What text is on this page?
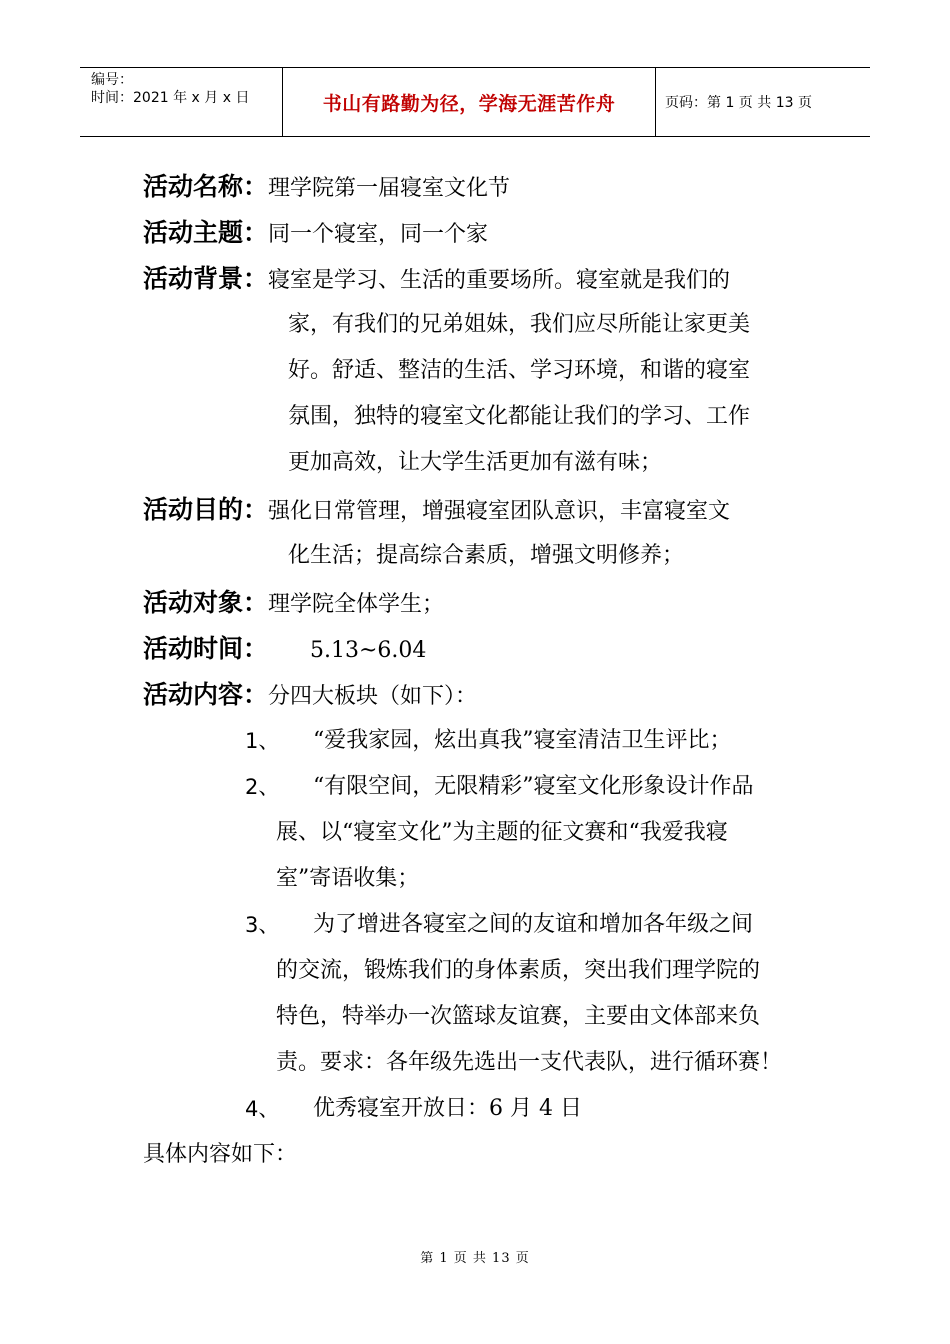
编号：
时间：2021 年 x 月 x 日	书山有路勤为径，学海无涯苦作舟	页码：第 1 页 共 13 页
活动名称：理学院第一届寝室文化节
活动主题：同一个寝室，同一个家
活动背景：寝室是学习、生活的重要场所。寝室就是我们的
家，有我们的兄弟姐妹，我们应尽所能让家更美
好。舒适、整洁的生活、学习环境，和谐的寝室
氛围，独特的寝室文化都能让我们的学习、工作
更加高效，让大学生活更加有滋有味；
活动目的：强化日常管理，增强寝室团队意识，丰富寝室文
化生活；提高综合素质，增强文明修养；
活动对象：理学院全体学生；
活动时间： 5.13~6.04
活动内容：分四大板块（如下）：
1、 “爱我家园，炫出真我”寝室清洁卫生评比；
2、 “有限空间，无限精彩”寝室文化形象设计作品
展、以“寝室文化”为主题的征文赛和“我爱我寝
室”寄语收集；
3、 为了增进各寝室之间的友谊和增加各年级之间
的交流，锻炼我们的身体素质，突出我们理学院的
特色，特举办一次篮球友谊赛，主要由文体部来负
责。要求：各年级先选出一支代表队，进行循环赛！
4、 优秀寝室开放日：6 月 4 日
具体内容如下：
第 1 页 共 13 页
